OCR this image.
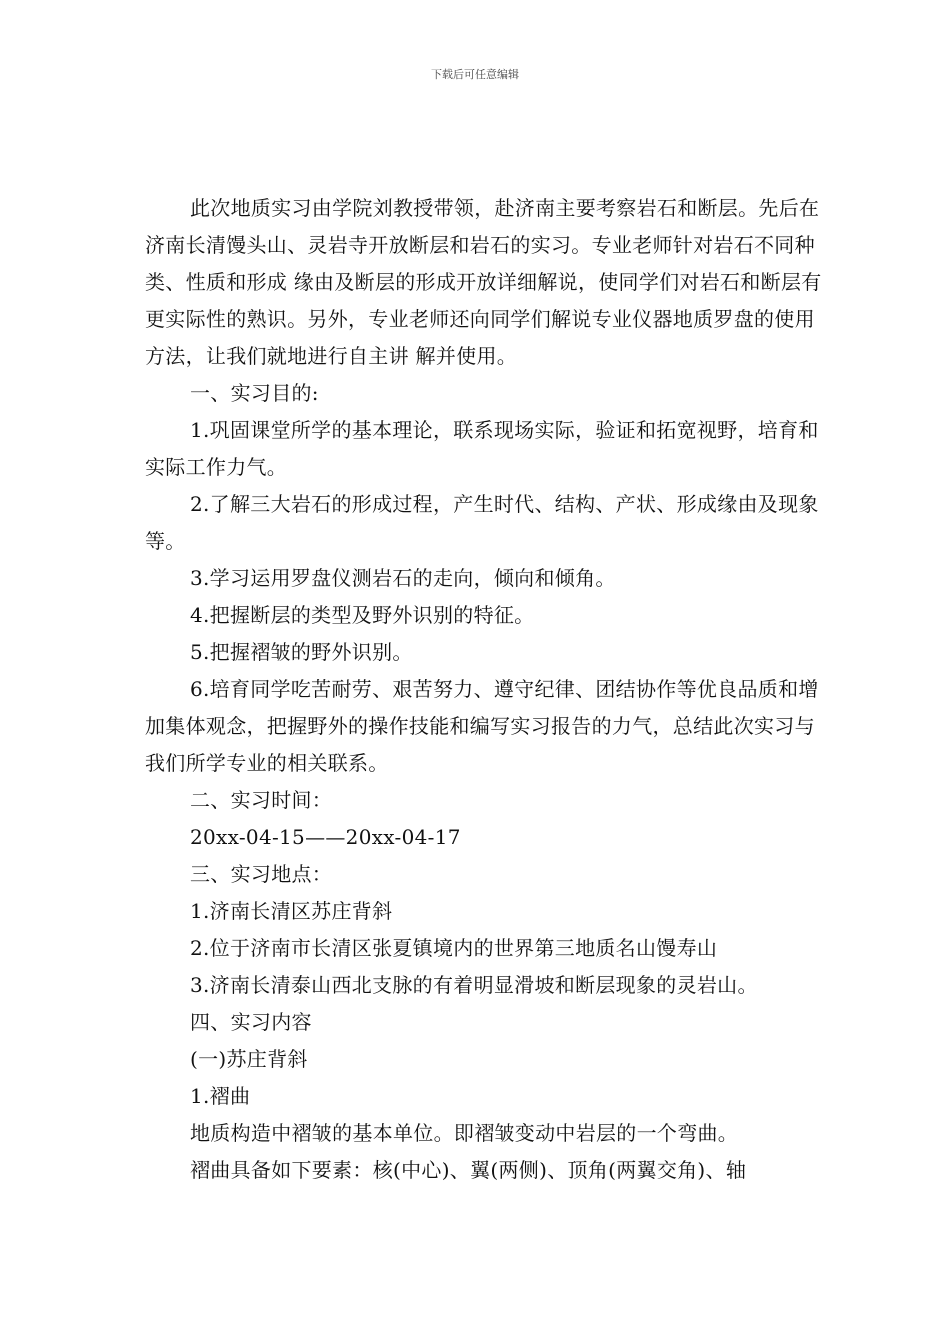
下载后可任意编辑

此次地质实习由学院刘教授带领，赴济南主要考察岩石和断层。先后在济南长清馒头山、灵岩寺开放断层和岩石的实习。专业老师针对岩石不同种类、性质和形成 缘由及断层的形成开放详细解说，使同学们对岩石和断层有更实际性的熟识。另外，专业老师还向同学们解说专业仪器地质罗盘的使用方法，让我们就地进行自主讲 解并使用。

一、实习目的:

1.巩固课堂所学的基本理论，联系现场实际，验证和拓宽视野，培育和实际工作力气。

2.了解三大岩石的形成过程，产生时代、结构、产状、形成缘由及现象等。

3.学习运用罗盘仪测岩石的走向，倾向和倾角。

4.把握断层的类型及野外识别的特征。

5.把握褶皱的野外识别。

6.培育同学吃苦耐劳、艰苦努力、遵守纪律、团结协作等优良品质和增加集体观念，把握野外的操作技能和编写实习报告的力气，总结此次实习与我们所学专业的相关联系。

二、实习时间：

20xx-04-15——20xx-04-17

三、实习地点：

1.济南长清区苏庄背斜

2.位于济南市长清区张夏镇境内的世界第三地质名山馒寿山

3.济南长清泰山西北支脉的有着明显滑坡和断层现象的灵岩山。

四、实习内容

(一)苏庄背斜

1.褶曲

地质构造中褶皱的基本单位。即褶皱变动中岩层的一个弯曲。

褶曲具备如下要素：核(中心)、翼(两侧)、顶角(两翼交角)、轴
